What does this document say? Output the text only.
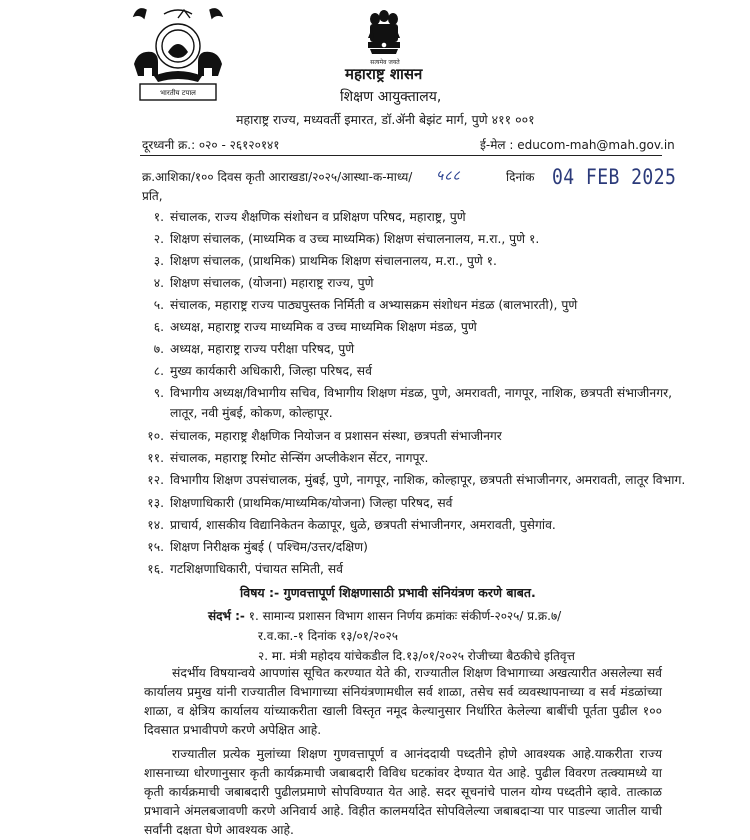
भारतीय टपाल
सत्यमेव जयते
महाराष्ट्र शासन
शिक्षण आयुक्तालय,
महाराष्ट्र राज्य, मध्यवर्ती इमारत, डॉ.ॲनी बेझंट मार्ग, पुणे ४११ ००१
दूरध्वनी क्र.: ०२० - २६१२०१४१	ई-मेल : educom-mah@mah.gov.in
क्र.आशिका/१०० दिवस कृती आराखडा/२०२५/आस्था-क-माध्य/ ५८८	दिनांक 04 FEB 2025
प्रति,
१. संचालक, राज्य शैक्षणिक संशोधन व प्रशिक्षण परिषद, महाराष्ट्र, पुणे
२. शिक्षण संचालक, (माध्यमिक व उच्च माध्यमिक) शिक्षण संचालनालय, म.रा., पुणे १.
३. शिक्षण संचालक, (प्राथमिक) प्राथमिक शिक्षण संचालनालय, म.रा., पुणे १.
४. शिक्षण संचालक, (योजना) महाराष्ट्र राज्य, पुणे
५. संचालक, महाराष्ट्र राज्य पाठ्यपुस्तक निर्मिती व अभ्यासक्रम संशोधन मंडळ (बालभारती), पुणे
६. अध्यक्ष, महाराष्ट्र राज्य माध्यमिक व उच्च माध्यमिक शिक्षण मंडळ, पुणे
७. अध्यक्ष, महाराष्ट्र राज्य परीक्षा परिषद, पुणे
८. मुख्य कार्यकारी अधिकारी, जिल्हा परिषद, सर्व
९. विभागीय अध्यक्ष/विभागीय सचिव, विभागीय शिक्षण मंडळ, पुणे, अमरावती, नागपूर, नाशिक, छत्रपती संभाजीनगर, लातूर, नवी मुंबई, कोकण, कोल्हापूर.
१०. संचालक, महाराष्ट्र शैक्षणिक नियोजन व प्रशासन संस्था, छत्रपती संभाजीनगर
११. संचालक, महाराष्ट्र रिमोट सेन्सिंग अप्लीकेशन सेंटर, नागपूर.
१२. विभागीय शिक्षण उपसंचालक, मुंबई, पुणे, नागपूर, नाशिक, कोल्हापूर, छत्रपती संभाजीनगर, अमरावती, लातूर विभाग.
१३. शिक्षणाधिकारी (प्राथमिक/माध्यमिक/योजना) जिल्हा परिषद, सर्व
१४. प्राचार्य, शासकीय विद्यानिकेतन केळापूर, धुळे, छत्रपती संभाजीनगर, अमरावती, पुसेगांव.
विषय :- गुणवत्तापूर्ण शिक्षणासाठी प्रभावी संनियंत्रण करणे बाबत.
संदर्भ :- १. सामान्य प्रशासन विभाग शासन निर्णय क्रमांकः संकीर्ण-२०२५/ प्र.क्र.७/
र.व.का.-१ दिनांक १३/०१/२०२५
२. मा. मंत्री महोदय यांचेकडील दि.१३/०१/२०२५ रोजीच्या बैठकीचे इतिवृत्त
संदर्भीय विषयान्वये आपणांस सूचित करण्यात येते की, राज्यातील शिक्षण विभागाच्या अखत्यारीत असलेल्या सर्व कार्यालय प्रमुख यांनी राज्यातील विभागाच्या संनियंत्रणामधील सर्व शाळा, तसेच सर्व व्यवस्थापनाच्या व सर्व मंडळांच्या शाळा, व क्षेत्रिय कार्यालय यांच्याकरीता खाली विस्तृत नमूद केल्यानुसार निर्धारित केलेल्या बाबींची पूर्तता पुढील १०० दिवसात प्रभावीपणे करणे अपेक्षित आहे.
राज्यातील प्रत्येक मुलांच्या शिक्षण गुणवत्तापूर्ण व आनंददायी पध्दतीने होणे आवश्यक आहे.याकरीता राज्य शासनाच्या धोरणानुसार कृती कार्यक्रमाची जबाबदारी विविध घटकांवर देण्यात येत आहे. पुढील विवरण तत्क्यामध्ये या कृती कार्यक्रमाची जबाबदारी पुढीलप्रमाणे सोपविण्यात येत आहे. सदर सूचनांचे पालन योग्य पध्दतीने व्हावे. तात्काळ प्रभावाने अंमलबजावणी करणे अनिवार्य आहे. विहीत कालमर्यादेत सोपविलेल्या जबाबदाऱ्या पार पाडल्या जातील याची सर्वांनी दक्षता घेणे आवश्यक आहे.
१५. शिक्षण निरीक्षक मुंबई ( पश्चिम/उत्तर/दक्षिण)
१६. गटशिक्षणाधिकारी, पंचायत समिती, सर्व
